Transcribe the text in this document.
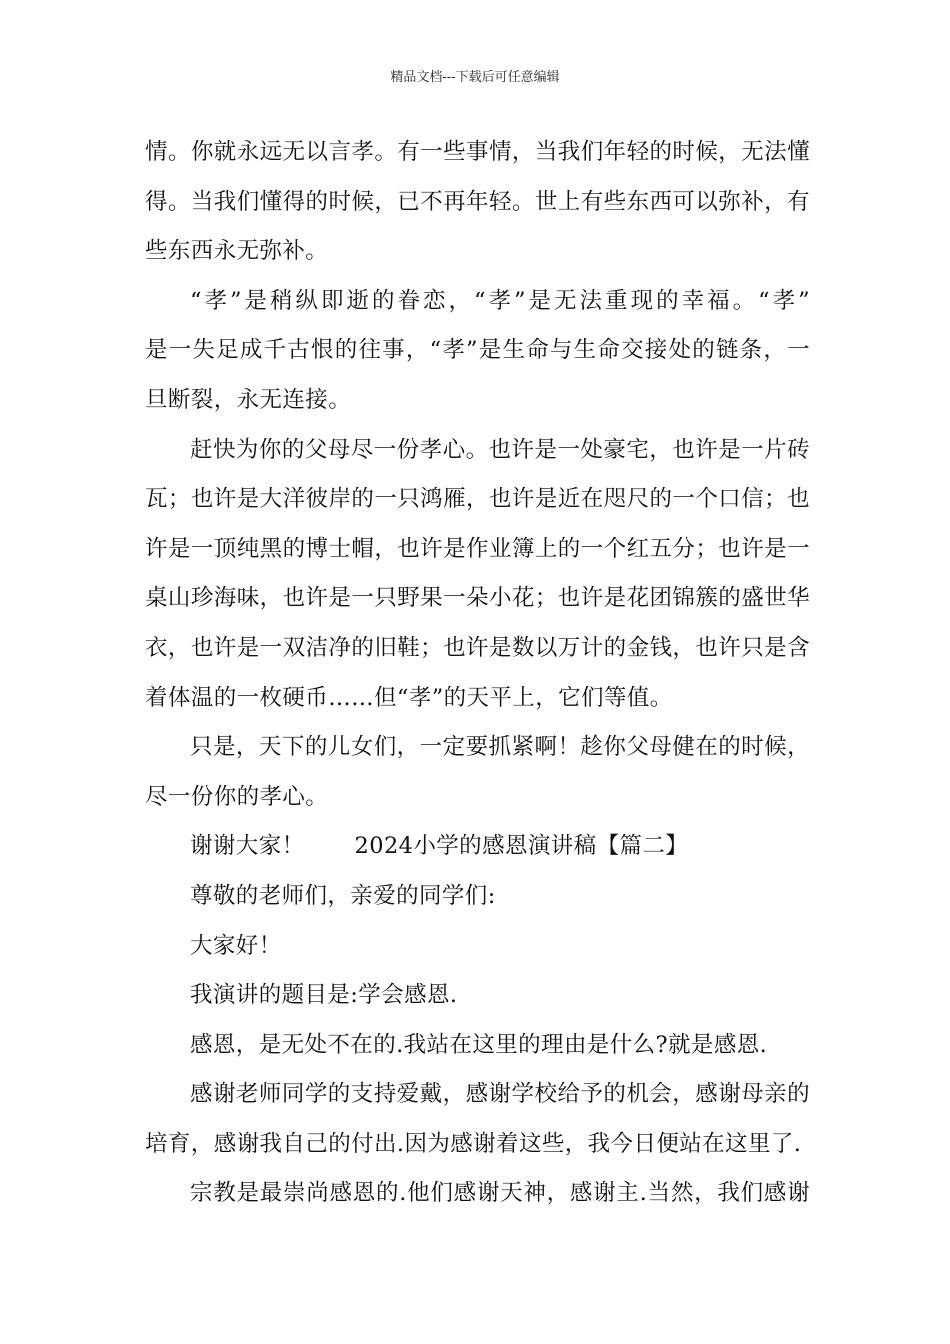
精品文档---下载后可任意编辑
情。你就永远无以言孝。有一些事情，当我们年轻的时候，无法懂
得。当我们懂得的时候，已不再年轻。世上有些东西可以弥补，有
些东西永无弥补。
“孝”是稍纵即逝的眷恋，“孝”是无法重现的幸福。“孝”
是一失足成千古恨的往事，“孝”是生命与生命交接处的链条，一
旦断裂，永无连接。
赶快为你的父母尽一份孝心。也许是一处豪宅，也许是一片砖
瓦；也许是大洋彼岸的一只鸿雁，也许是近在咫尺的一个口信；也
许是一顶纯黑的博士帽，也许是作业簿上的一个红五分；也许是一
桌山珍海味，也许是一只野果一朵小花；也许是花团锦簇的盛世华
衣，也许是一双洁净的旧鞋；也许是数以万计的金钱，也许只是含
着体温的一枚硬币……但“孝”的天平上，它们等值。
只是，天下的儿女们，一定要抓紧啊！趁你父母健在的时候，
尽一份你的孝心。
谢谢大家！ 2024小学的感恩演讲稿【篇二】
尊敬的老师们，亲爱的同学们:
大家好！
我演讲的题目是:学会感恩.
感恩，是无处不在的.我站在这里的理由是什么?就是感恩.
感谢老师同学的支持爱戴，感谢学校给予的机会，感谢母亲的
培育，感谢我自己的付出.因为感谢着这些，我今日便站在这里了.
宗教是最崇尚感恩的.他们感谢天神，感谢主.当然，我们感谢
